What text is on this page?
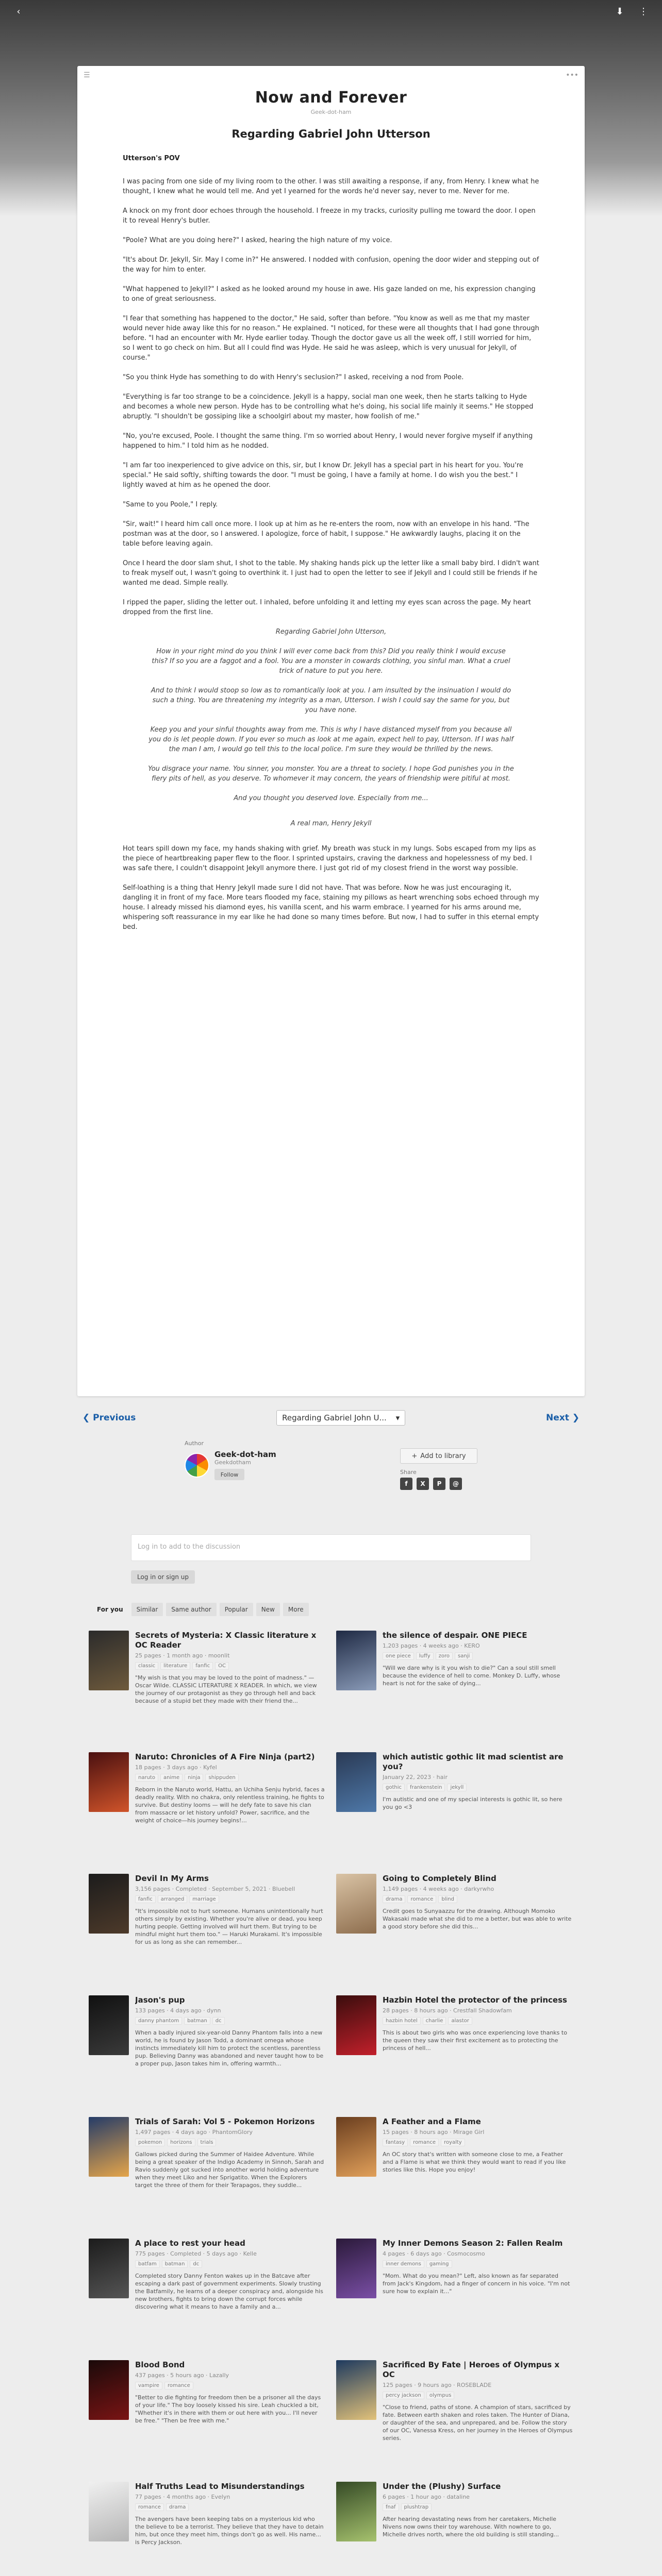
‹	⬇ ⋮
☰	•••
Now and Forever
Geek-dot-ham
Regarding Gabriel John Utterson
Utterson's POV

I was pacing from one side of my living room to the other. I was still awaiting a response, if any, from Henry. I knew what he thought, I knew what he would tell me. And yet I yearned for the words he'd never say, never to me. Never for me.

A knock on my front door echoes through the household. I freeze in my tracks, curiosity pulling me toward the door. I open it to reveal Henry's butler.

"Poole? What are you doing here?" I asked, hearing the high nature of my voice.

"It's about Dr. Jekyll, Sir. May I come in?" He answered. I nodded with confusion, opening the door wider and stepping out of the way for him to enter.

"What happened to Jekyll?" I asked as he looked around my house in awe. His gaze landed on me, his expression changing to one of great seriousness.

"I fear that something has happened to the doctor," He said, softer than before. "You know as well as me that my master would never hide away like this for no reason." He explained. "I noticed, for these were all thoughts that I had gone through before. "I had an encounter with Mr. Hyde earlier today. Though the doctor gave us all the week off, I still worried for him, so I went to go check on him. But all I could find was Hyde. He said he was asleep, which is very unusual for Jekyll, of course."

"So you think Hyde has something to do with Henry's seclusion?" I asked, receiving a nod from Poole.

"Everything is far too strange to be a coincidence. Jekyll is a happy, social man one week, then he starts talking to Hyde and becomes a whole new person. Hyde has to be controlling what he's doing, his social life mainly it seems." He stopped abruptly. "I shouldn't be gossiping like a schoolgirl about my master, how foolish of me."

"No, you're excused, Poole. I thought the same thing. I'm so worried about Henry, I would never forgive myself if anything happened to him." I told him as he nodded.

"I am far too inexperienced to give advice on this, sir, but I know Dr. Jekyll has a special part in his heart for you. You're special." He said softly, shifting towards the door. "I must be going, I have a family at home. I do wish you the best." I lightly waved at him as he opened the door.

"Same to you Poole," I reply.

"Sir, wait!" I heard him call once more. I look up at him as he re-enters the room, now with an envelope in his hand. "The postman was at the door, so I answered. I apologize, force of habit, I suppose." He awkwardly laughs, placing it on the table before leaving again.

Once I heard the door slam shut, I shot to the table. My shaking hands pick up the letter like a small baby bird. I didn't want to freak myself out, I wasn't going to overthink it. I just had to open the letter to see if Jekyll and I could still be friends if he wanted me dead. Simple really.

I ripped the paper, sliding the letter out. I inhaled, before unfolding it and letting my eyes scan across the page. My heart dropped from the first line.

Regarding Gabriel John Utterson,

How in your right mind do you think I will ever come back from this? Did you really think I would excuse this? If so you are a faggot and a fool. You are a monster in cowards clothing, you sinful man. What a cruel trick of nature to put you here.

And to think I would stoop so low as to romantically look at you. I am insulted by the insinuation I would do such a thing. You are threatening my integrity as a man, Utterson. I wish I could say the same for you, but you have none.

Keep you and your sinful thoughts away from me. This is why I have distanced myself from you because all you do is let people down. If you ever so much as look at me again, expect hell to pay, Utterson. If I was half the man I am, I would go tell this to the local police. I'm sure they would be thrilled by the news.

You disgrace your name. You sinner, you monster. You are a threat to society. I hope God punishes you in the fiery pits of hell, as you deserve. To whomever it may concern, the years of friendship were pitiful at most.

And you thought you deserved love. Especially from me...

A real man, Henry Jekyll

Hot tears spill down my face, my hands shaking with grief. My breath was stuck in my lungs. Sobs escaped from my lips as the piece of heartbreaking paper flew to the floor. I sprinted upstairs, craving the darkness and hopelessness of my bed. I was safe there, I couldn't disappoint Jekyll anymore there. I just got rid of my closest friend in the worst way possible.

Self-loathing is a thing that Henry Jekyll made sure I did not have. That was before. Now he was just encouraging it, dangling it in front of my face. More tears flooded my face, staining my pillows as heart wrenching sobs echoed through my house. I already missed his diamond eyes, his vanilla scent, and his warm embrace. I yearned for his arms around me, whispering soft reassurance in my ear like he had done so many times before. But now, I had to suffer in this eternal empty bed.

❮ Previous	Regarding Gabriel John U... ▾	Next ❯
Author
Geek-dot-ham
Geekdotham
Follow
+ Add to library
Share
f	X	P	@
Log in to add to the discussion
Log in or sign up
For you	Similar	Same author	Popular	New	More
Secrets of Mysteria: X Classic literature x OC Reader
25 pages · 1 month ago · moonlit
classic	literature	fanfic	OC
"My wish is that you may be loved to the point of madness." — Oscar Wilde. CLASSIC LITERATURE X READER. In which, we view the journey of our protagonist as they go through hell and back because of a stupid bet they made with their friend the...
the silence of despair. ONE PIECE
1,203 pages · 4 weeks ago · KERO
one piece	luffy	zoro	sanji
"Will we dare why is it you wish to die?" Can a soul still smell because the evidence of hell to come. Monkey D. Luffy, whose heart is not for the sake of dying...
Naruto: Chronicles of A Fire Ninja (part2)
18 pages · 3 days ago · Kyfel
naruto	anime	ninja	shippuden
Reborn in the Naruto world, Hattu, an Uchiha Senju hybrid, faces a deadly reality. With no chakra, only relentless training, he fights to survive. But destiny looms — will he defy fate to save his clan from massacre or let history unfold? Power, sacrifice, and the weight of choice—his journey begins!...
which autistic gothic lit mad scientist are you?
January 22, 2023 · hair
gothic	frankenstein	jekyll
I'm autistic and one of my special interests is gothic lit, so here you go <3
Devil In My Arms
3,156 pages · Completed · September 5, 2021 · Bluebell
fanfic	arranged	marriage
"It's impossible not to hurt someone. Humans unintentionally hurt others simply by existing. Whether you're alive or dead, you keep hurting people. Getting involved will hurt them. But trying to be mindful might hurt them too." — Haruki Murakami. It's impossible for us as long as she can remember...
Going to Completely Blind
1,149 pages · 4 weeks ago · darkyrwho
drama	romance	blind
Credit goes to Sunyaazzu for the drawing. Although Momoko Wakasaki made what she did to me a better, but was able to write a good story before she did this...
Jason's pup
133 pages · 4 days ago · dynn
danny phantom	batman	dc
When a badly injured six-year-old Danny Phantom falls into a new world, he is found by Jason Todd, a dominant omega whose instincts immediately kill him to protect the scentless, parentless pup. Believing Danny was abandoned and never taught how to be a proper pup, Jason takes him in, offering warmth...
Hazbin Hotel the protector of the princess
28 pages · 8 hours ago · Crestfall Shadowfam
hazbin hotel	charlie	alastor
This is about two girls who was once experiencing love thanks to the queen they saw their first excitement as to protecting the princess of hell...
Trials of Sarah: Vol 5 - Pokemon Horizons
1,497 pages · 4 days ago · PhantomGlory
pokemon	horizons	trials
Gallows picked during the Summer of Haidee Adventure. While being a great speaker of the Indigo Academy in Sinnoh, Sarah and Ravio suddenly got sucked into another world holding adventure when they meet Liko and her Sprigatito. When the Explorers target the three of them for their Terapagos, they suddle...
A Feather and a Flame
15 pages · 8 hours ago · Mirage Girl
fantasy	romance	royalty
An OC story that's written with someone close to me, a Feather and a Flame is what we think they would want to read if you like stories like this. Hope you enjoy!
A place to rest your head
775 pages · Completed · 5 days ago · Kelle
batfam	batman	dc
Completed story Danny Fenton wakes up in the Batcave after escaping a dark past of government experiments. Slowly trusting the Batfamily, he learns of a deeper conspiracy and, alongside his new brothers, fights to bring down the corrupt forces while discovering what it means to have a family and a...
My Inner Demons Season 2: Fallen Realm
4 pages · 6 days ago · Cosmocosmo
inner demons	gaming
"Mom. What do you mean?" Left, also known as far separated from Jack's Kingdom, had a finger of concern in his voice. "I'm not sure how to explain it..."
Blood Bond
437 pages · 5 hours ago · Lazally
vampire	romance
"Better to die fighting for freedom then be a prisoner all the days of your life." The boy loosely kissed his sire. Leah chuckled a bit, "Whether it's in there with them or out here with you... I'll never be free." "Then be free with me."
Sacrificed By Fate | Heroes of Olympus x OC
125 pages · 9 hours ago · ROSEBLADE
percy jackson	olympus
"Close to friend, paths of stone. A champion of stars, sacrificed by fate. Between earth shaken and roles taken. The Hunter of Diana, or daughter of the sea, and unprepared, and be. Follow the story of our OC, Vanessa Kress, on her journey in the Heroes of Olympus series.
Half Truths Lead to Misunderstandings
77 pages · 4 months ago · Evelyn
romance	drama
The avengers have been keeping tabs on a mysterious kid who the believe to be a terrorist. They believe that they have to detain him, but once they meet him, things don't go as well. His name... is Percy Jackson.
Under the (Plushy) Surface
6 pages · 1 hour ago · dataline
fnaf	plushtrap
After hearing devastating news from her caretakers, Michelle Nivens now owns their toy warehouse. With nowhere to go, Michelle drives north, where the old building is still standing...
